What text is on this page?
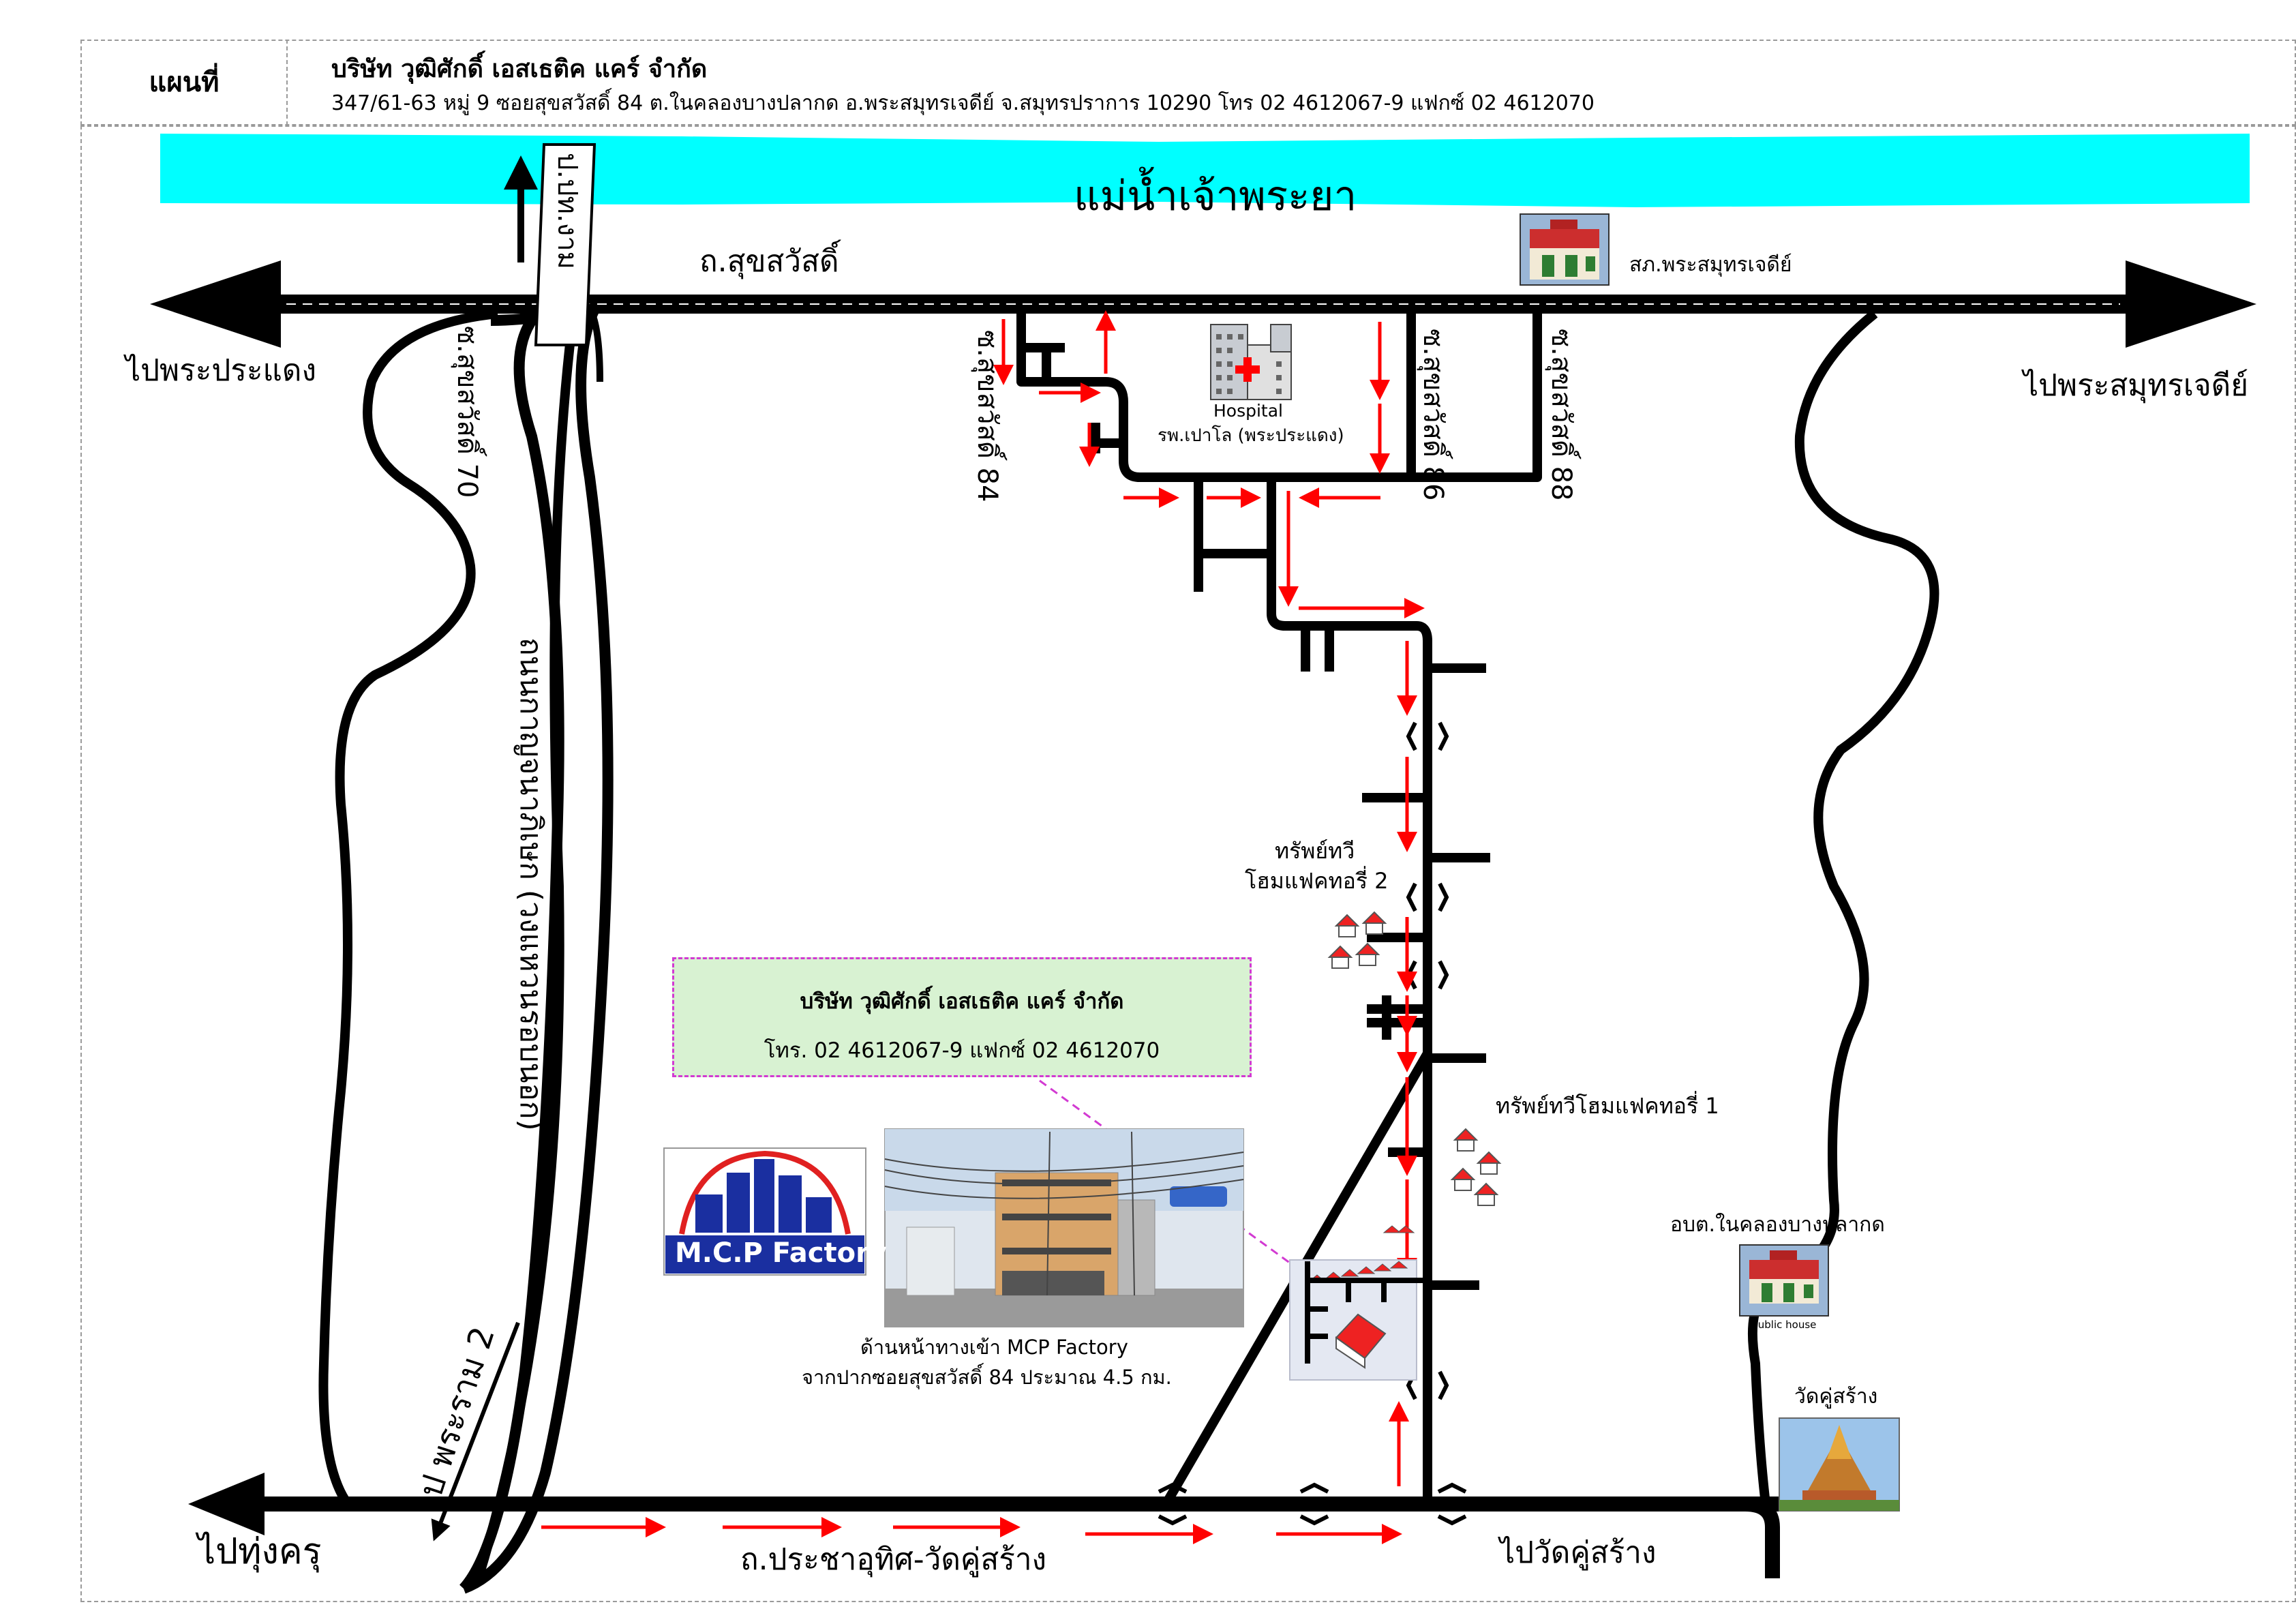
แผนที่	บริษัท วุฒิศักดิ์ เอสเธติค แคร์ จำกัด
347/61-63 หมู่ 9 ซอยสุขสวัสดิ์ 84 ต.ในคลองบางปลากด อ.พระสมุทรเจดีย์ จ.สมุทรปราการ 10290 โทร 02 4612067-9 แฟกซ์ 02 4612070
แม่น้ำเจ้าพระยา
ถ.สุขสวัสดิ์
ไปพระประแดง	ไปพระสมุทรเจดีย์
สภ.พระสมุทรเจดีย์
Hospital
รพ.เปาโล (พระประแดง)
ทรัพย์ทวี
โฮมแฟคทอรี่ 2
ทรัพย์ทวีโฮมแฟคทอรี่ 1
อบต.ในคลองบางปลากด
Public house
วัดคู่สร้าง
ด้านหน้าทางเข้า MCP Factory
จากปากซอยสุขสวัสดิ์ 84 ประมาณ 4.5 กม.
M.C.P Factory
ไปทุ่งครุ	ถ.ประชาอุทิศ-วัดคู่สร้าง	ไปวัดคู่สร้าง
ซ.สุขสวัสดิ์ 70	ซ.สุขสวัสดิ์ 84	ซ.สุขสวัสดิ์ 86	ซ.สุขสวัสดิ์ 88
ป.ปท.งาม
ถนนกาญจนาภิเษก (วงแหวนรอบนอก)
ไป พระราม 2
บริษัท วุฒิศักดิ์ เอสเธติค แคร์ จำกัด
โทร. 02 4612067-9 แฟกซ์ 02 4612070
